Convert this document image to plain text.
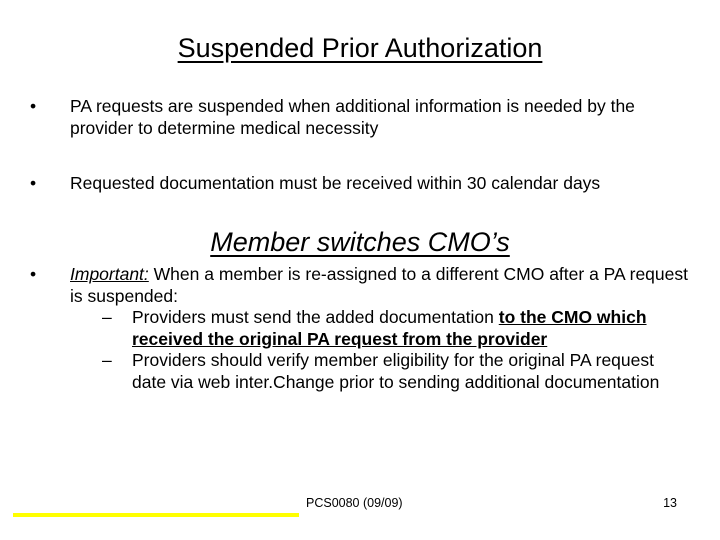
Suspended Prior Authorization
• PA requests are suspended when additional information is needed by the provider to determine medical necessity
• Requested documentation must be received within 30 calendar days
Member switches CMO’s
• Important: When a member is re-assigned to a different CMO after a PA request is suspended:
– Providers must send the added documentation to the CMO which received the original PA request from the provider
– Providers should verify member eligibility for the original PA request date via web inter.Change prior to sending additional documentation
PCS0080 (09/09)	13
